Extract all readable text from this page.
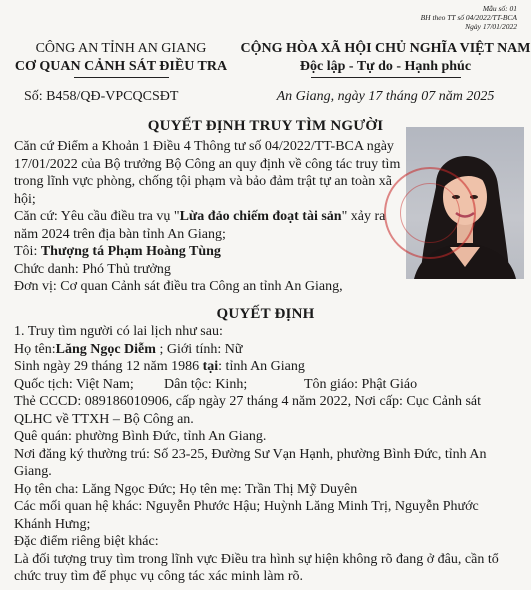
Mẫu số: 01
BH theo TT số 04/2022/TT-BCA
Ngày 17/01/2022
CÔNG AN TỈNH AN GIANG
CƠ QUAN CẢNH SÁT ĐIỀU TRA
Số: B458/QĐ-VPCQCSĐT
CỘNG HÒA XÃ HỘI CHỦ NGHĨA VIỆT NAM
Độc lập - Tự do - Hạnh phúc
An Giang, ngày 17 tháng 07 năm 2025
QUYẾT ĐỊNH TRUY TÌM NGƯỜI

Căn cứ Điểm a Khoản 1 Điều 4 Thông tư số 04/2022/TT-BCA ngày 17/01/2022 của Bộ trưởng Bộ Công an quy định về công tác truy tìm trong lĩnh vực phòng, chống tội phạm và bảo đảm trật tự an toàn xã hội;

Căn cứ: Yêu cầu điều tra vụ "Lừa đảo chiếm đoạt tài sản" xảy ra năm 2024 trên địa bàn tỉnh An Giang;

Tôi: Thượng tá Phạm Hoàng Tùng

Chức danh: Phó Thủ trưởng

Đơn vị: Cơ quan Cảnh sát điều tra Công an tỉnh An Giang,

QUYẾT ĐỊNH

1. Truy tìm người có lai lịch như sau:

Họ tên:Lăng Ngọc Diễm ; Giới tính: Nữ

Sinh ngày 29 tháng 12 năm 1986 tại: tỉnh An Giang

Quốc tịch: Việt Nam; Dân tộc: Kinh;	Tôn giáo: Phật Giáo

Thẻ CCCD: 089186010906, cấp ngày 27 tháng 4 năm 2022, Nơi cấp: Cục Cảnh sát QLHC về TTXH – Bộ Công an.

Quê quán: phường Bình Đức, tỉnh An Giang.

Nơi đăng ký thường trú: Số 23-25, Đường Sư Vạn Hạnh, phường Bình Đức, tỉnh An Giang.

Họ tên cha: Lăng Ngọc Đức; Họ tên mẹ: Trần Thị Mỹ Duyên

Các mối quan hệ khác: Nguyễn Phước Hậu; Huỳnh Lăng Minh Trị, Nguyễn Phước Khánh Hưng;

Đặc điểm riêng biệt khác:

Là đối tượng truy tìm trong lĩnh vực Điều tra hình sự hiện không rõ đang ở đâu, cần tổ chức truy tìm để phục vụ công tác xác minh làm rõ.
